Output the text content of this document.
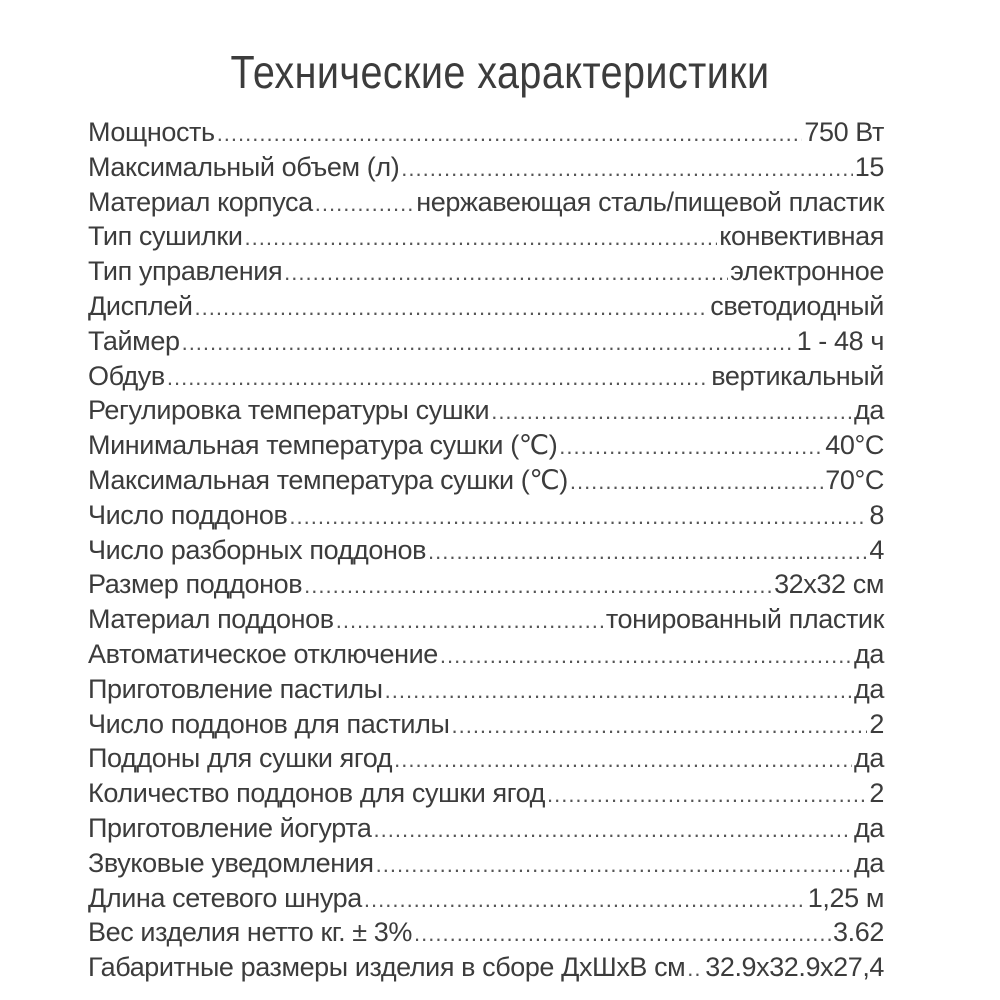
Технические характеристики
Мощность .....	750 Вт
Максимальный объем (л) .....	15
Материал корпуса .....	нержавеющая сталь/пищевой пластик
Тип сушилки .....	конвективная
Тип управления .....	электронное
Дисплей .....	светодиодный
Таймер .....	1 - 48 ч
Обдув .....	вертикальный
Регулировка температуры сушки .....	да
Минимальная температура сушки (℃) .....	40°C
Максимальная температура сушки (℃) .....	70°C
Число поддонов .....	8
Число разборных поддонов .....	4
Размер поддонов .....	32х32 см
Материал поддонов .....	тонированный пластик
Автоматическое отключение .....	да
Приготовление пастилы .....	да
Число поддонов для пастилы .....	2
Поддоны для сушки ягод .....	да
Количество поддонов для сушки ягод .....	2
Приготовление йогурта .....	да
Звуковые уведомления .....	да
Длина сетевого шнура .....	1,25 м
Вес изделия нетто кг. ± 3% .....	3.62
Габаритные размеры изделия в сборе ДхШхВ см ..... 32.9х32.9х27,4
